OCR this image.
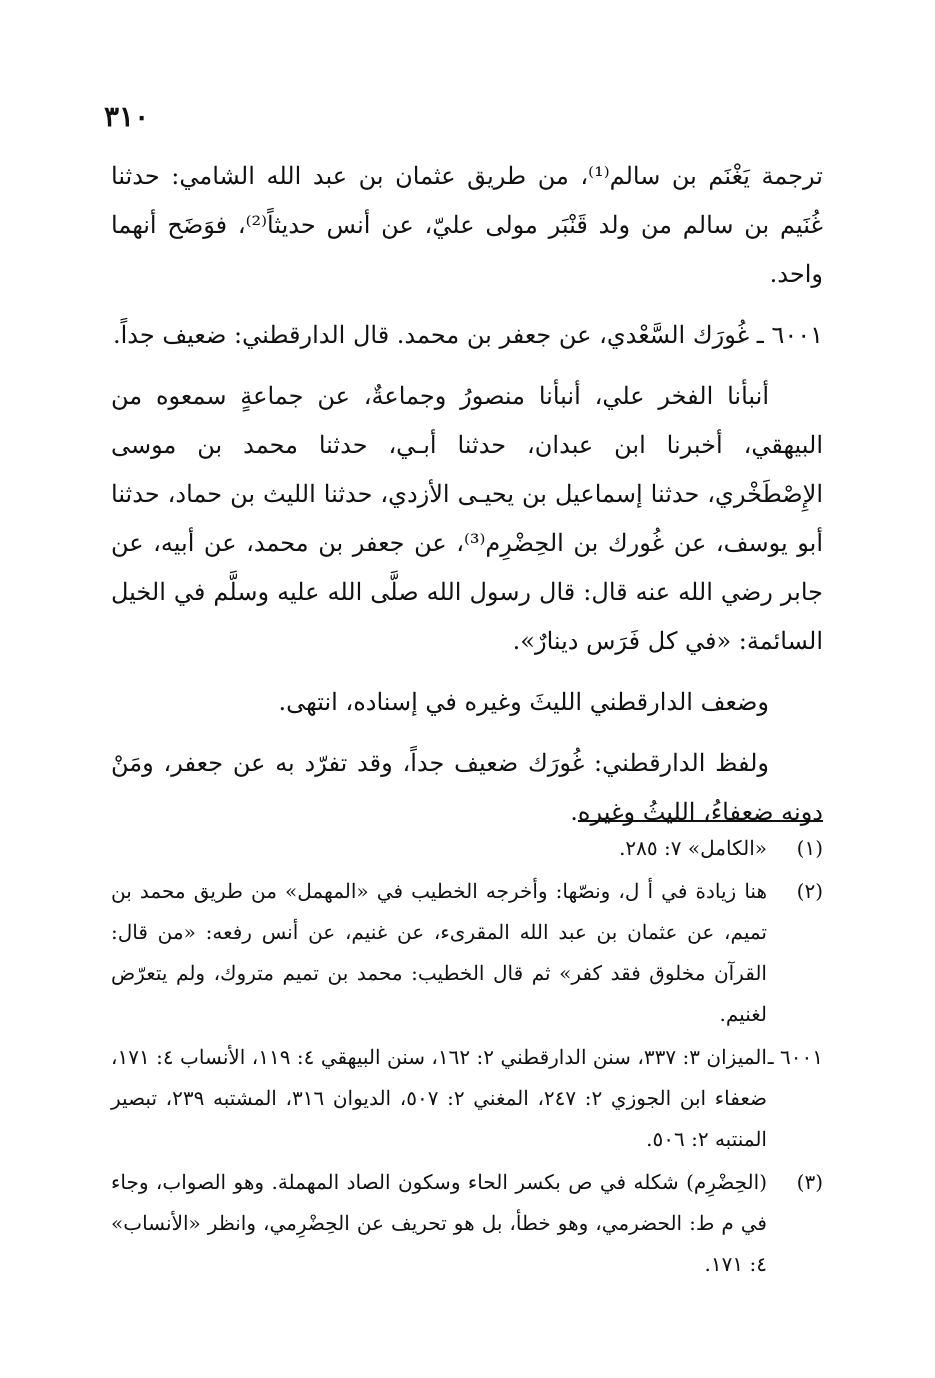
٣١٠

ترجمة يَغْنَم بن سالم⁽¹⁾، من طريق عثمان بن عبد الله الشامي: حدثنا غُنَيم بن سالم من ولد قَنْبَر مولى عليّ، عن أنس حديثاً⁽²⁾، فوَضَح أنهما واحد.

٦٠٠١ ـ غُورَك السَّعْدي، عن جعفر بن محمد. قال الدارقطني: ضعيف جداً.

أنبأنا الفخر علي، أنبأنا منصورُ وجماعةٌ، عن جماعةٍ سمعوه من البيهقي، أخبرنا ابن عبدان، حدثنا أبـي، حدثنا محمد بن موسى الإِصْطَخْري، حدثنا إسماعيل بن يحيـى الأزدي، حدثنا الليث بن حماد، حدثنا أبو يوسف، عن غُورك بن الحِضْرِم⁽³⁾، عن جعفر بن محمد، عن أبيه، عن جابر رضي الله عنه قال: قال رسول الله صلَّى الله عليه وسلَّم في الخيل السائمة: «في كل فَرَس دينارٌ».

وضعف الدارقطني الليثَ وغيره في إسناده، انتهى.

ولفظ الدارقطني: غُورَك ضعيف جداً، وقد تفرّد به عن جعفر، ومَنْ دونه ضعفاءُ، الليثُ وغيره.

(١)«الكامل» ٧: ٢٨٥.

(٢)هنا زيادة في أ ل، ونصّها: وأخرجه الخطيب في «المهمل» من طريق محمد بن تميم، عن عثمان بن عبد الله المقرىء، عن غنيم، عن أنس رفعه: «من قال: القرآن مخلوق فقد كفر» ثم قال الخطيب: محمد بن تميم متروك، ولم يتعرّض لغنيم.

٦٠٠١ ـالميزان ٣: ٣٣٧، سنن الدارقطني ٢: ١٦٢، سنن البيهقي ٤: ١١٩، الأنساب ٤: ١٧١، ضعفاء ابن الجوزي ٢: ٢٤٧، المغني ٢: ٥٠٧، الديوان ٣١٦، المشتبه ٢٣٩، تبصير المنتبه ٢: ٥٠٦.

(٣)(الحِضْرِم) شكله في ص بكسر الحاء وسكون الصاد المهملة. وهو الصواب، وجاء في م ط: الحضرمي، وهو خطأ، بل هو تحريف عن الحِضْرِمي، وانظر «الأنساب» ٤: ١٧١.
